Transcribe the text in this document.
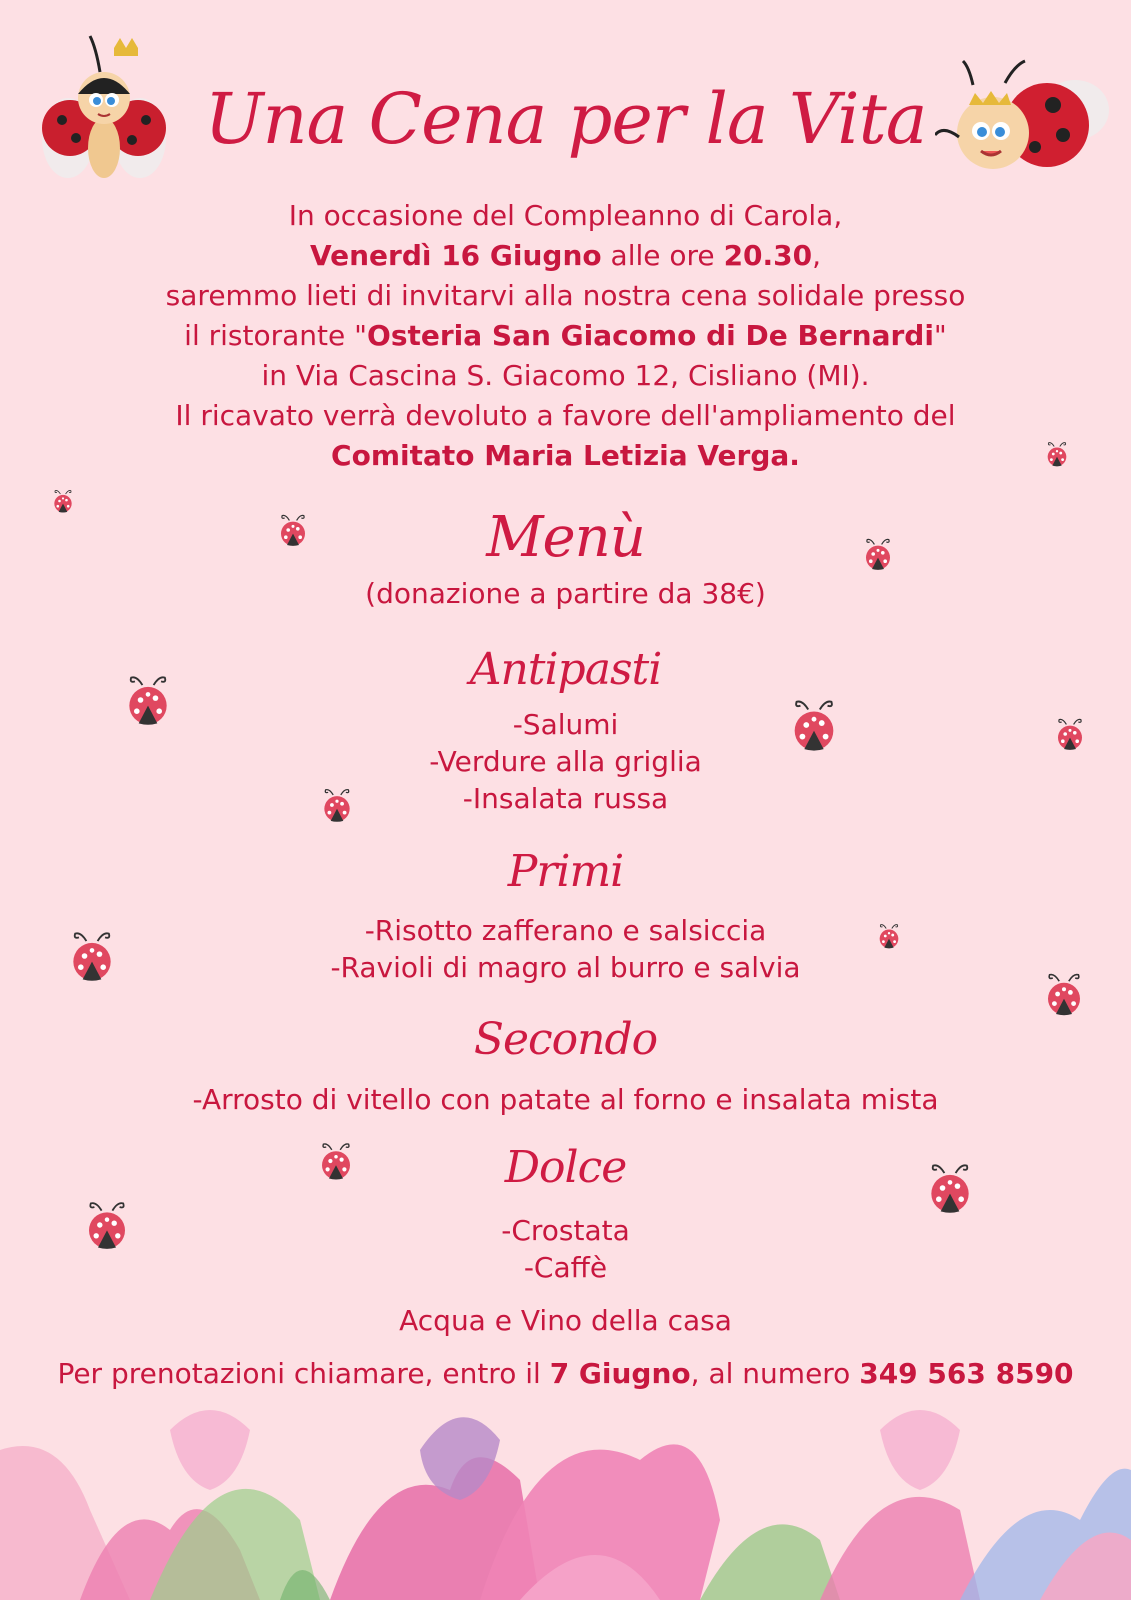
Una Cena per la Vita
In occasione del Compleanno di Carola,
Venerdì 16 Giugno alle ore 20.30,
saremmo lieti di invitarvi alla nostra cena solidale presso
il ristorante "Osteria San Giacomo di De Bernardi"
in Via Cascina S. Giacomo 12, Cisliano (MI).
Il ricavato verrà devoluto a favore dell'ampliamento del
Comitato Maria Letizia Verga.
Menù
(donazione a partire da 38€)
Antipasti
-Salumi
-Verdure alla griglia
-Insalata russa
Primi
-Risotto zafferano e salsiccia
-Ravioli di magro al burro e salvia
Secondo
-Arrosto di vitello con patate al forno e insalata mista
Dolce
-Crostata
-Caffè
Acqua e Vino della casa
Per prenotazioni chiamare, entro il 7 Giugno, al numero 349 563 8590
